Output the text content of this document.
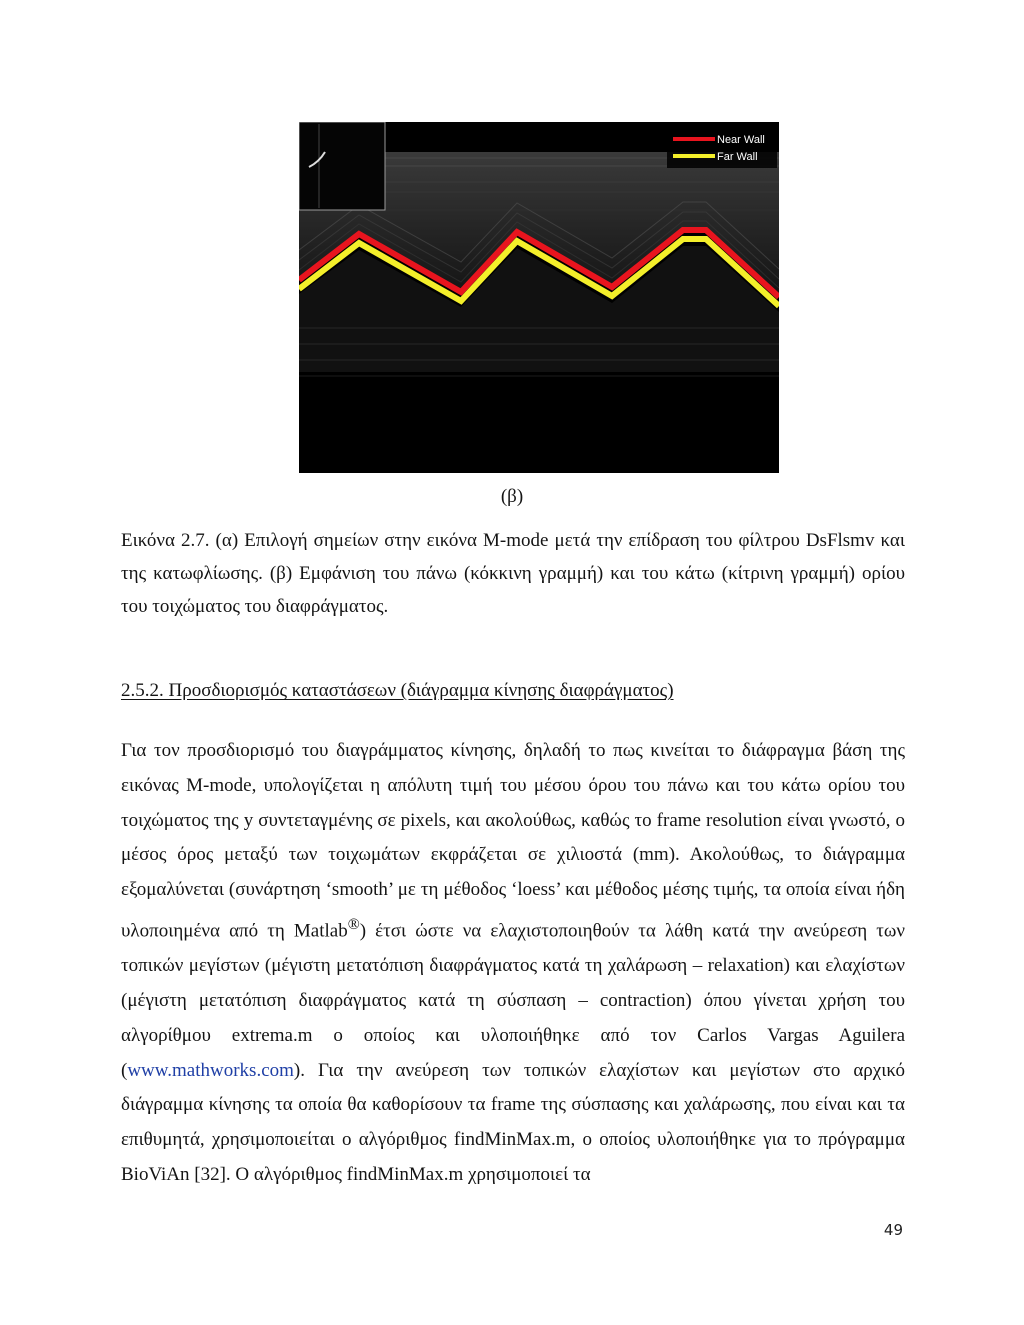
Near Wall
Far Wall
(β)

Εικόνα 2.7. (α) Επιλογή σημείων στην εικόνα M-mode μετά την επίδραση του φίλτρου DsFlsmv και της κατωφλίωσης. (β) Εμφάνιση του πάνω (κόκκινη γραμμή) και του κάτω (κίτρινη γραμμή) ορίου του τοιχώματος του διαφράγματος.

2.5.2. Προσδιορισμός καταστάσεων (διάγραμμα κίνησης διαφράγματος)

Για τον προσδιορισμό του διαγράμματος κίνησης, δηλαδή το πως κινείται το διάφραγμα βάση της εικόνας M-mode, υπολογίζεται η απόλυτη τιμή του μέσου όρου του πάνω και του κάτω ορίου του τοιχώματος της y συντεταγμένης σε pixels, και ακολούθως, καθώς το frame resolution είναι γνωστό, ο μέσος όρος μεταξύ των τοιχωμάτων εκφράζεται σε χιλιοστά (mm). Ακολούθως, το διάγραμμα εξομαλύνεται (συνάρτηση ‘smooth’ με τη μέθοδος ‘loess’ και μέθοδος μέσης τιμής, τα οποία είναι ήδη υλοποιημένα από τη Matlab®) έτσι ώστε να ελαχιστοποιηθούν τα λάθη κατά την ανεύρεση των τοπικών μεγίστων (μέγιστη μετατόπιση διαφράγματος κατά τη χαλάρωση – relaxation) και ελαχίστων (μέγιστη μετατόπιση διαφράγματος κατά τη σύσπαση – contraction) όπου γίνεται χρήση του αλγορίθμου extrema.m ο οποίος και υλοποιήθηκε από τον Carlos Vargas Aguilera (www.mathworks.com). Για την ανεύρεση των τοπικών ελαχίστων και μεγίστων στο αρχικό διάγραμμα κίνησης τα οποία θα καθορίσουν τα frame της σύσπασης και χαλάρωσης, που είναι και τα επιθυμητά, χρησιμοποιείται ο αλγόριθμος findMinMax.m, ο οποίος υλοποιήθηκε για το πρόγραμμα BioViAn [32]. Ο αλγόριθμος findMinMax.m χρησιμοποιεί τα

49
